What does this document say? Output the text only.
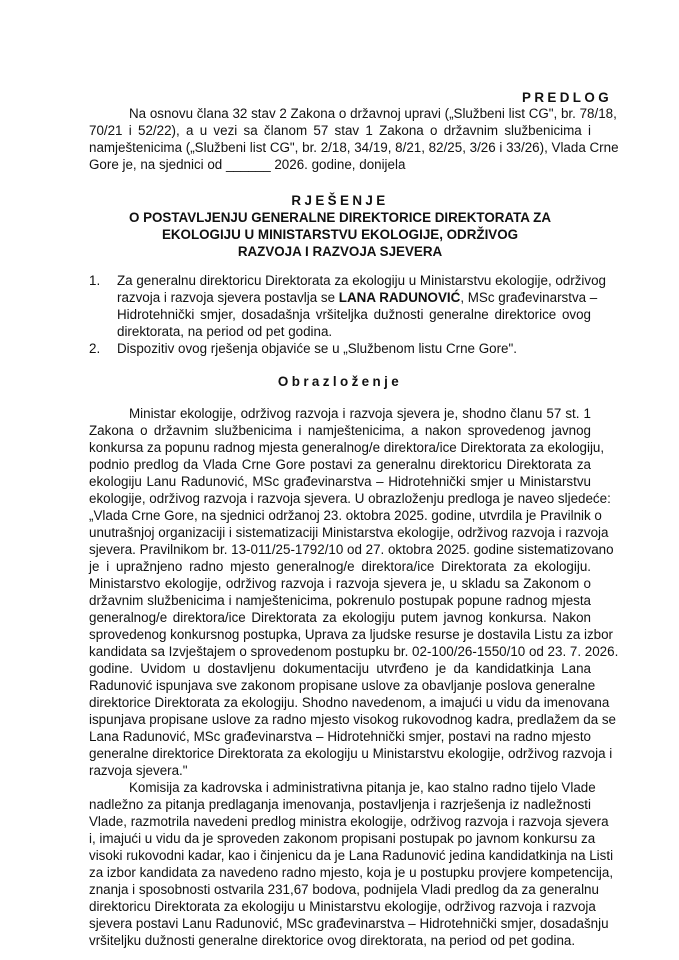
PREDLOG
Na osnovu člana 32 stav 2 Zakona o državnoj upravi („Službeni list CG", br. 78/18,
70/21 i 52/22), a u vezi sa članom 57 stav 1 Zakona o državnim službenicima i
namještenicima („Službeni list CG", br. 2/18, 34/19, 8/21, 82/25, 3/26 i 33/26), Vlada Crne
Gore je, na sjednici od ______ 2026. godine, donijela
RJEŠENJE
O POSTAVLJENJU GENERALNE DIREKTORICE DIREKTORATA ZA
EKOLOGIJU U MINISTARSTVU EKOLOGIJE, ODRŽIVOG
RAZVOJA I RAZVOJA SJEVERA
1. Za generalnu direktoricu Direktorata za ekologiju u Ministarstvu ekologije, održivog
razvoja i razvoja sjevera postavlja se LANA RADUNOVIĆ, MSc građevinarstva –
Hidrotehnički smjer, dosadašnja vršiteljka dužnosti generalne direktorice ovog
direktorata, na period od pet godina.
2. Dispozitiv ovog rješenja objaviće se u „Službenom listu Crne Gore".
Obrazloženje
Ministar ekologije, održivog razvoja i razvoja sjevera je, shodno članu 57 st. 1
Zakona o državnim službenicima i namještenicima, a nakon sprovedenog javnog
konkursa za popunu radnog mjesta generalnog/e direktora/ice Direktorata za ekologiju,
podnio predlog da Vlada Crne Gore postavi za generalnu direktoricu Direktorata za
ekologiju Lanu Radunović, MSc građevinarstva – Hidrotehnički smjer u Ministarstvu
ekologije, održivog razvoja i razvoja sjevera. U obrazloženju predloga je naveo sljedeće:
„Vlada Crne Gore, na sjednici održanoj 23. oktobra 2025. godine, utvrdila je Pravilnik o
unutrašnjoj organizaciji i sistematizaciji Ministarstva ekologije, održivog razvoja i razvoja
sjevera. Pravilnikom br. 13-011/25-1792/10 od 27. oktobra 2025. godine sistematizovano
je i upražnjeno radno mjesto generalnog/e direktora/ice Direktorata za ekologiju.
Ministarstvo ekologije, održivog razvoja i razvoja sjevera je, u skladu sa Zakonom o
državnim službenicima i namještenicima, pokrenulo postupak popune radnog mjesta
generalnog/e direktora/ice Direktorata za ekologiju putem javnog konkursa. Nakon
sprovedenog konkursnog postupka, Uprava za ljudske resurse je dostavila Listu za izbor
kandidata sa Izvještajem o sprovedenom postupku br. 02-100/26-1550/10 od 23. 7. 2026.
godine. Uvidom u dostavljenu dokumentaciju utvrđeno je da kandidatkinja Lana
Radunović ispunjava sve zakonom propisane uslove za obavljanje poslova generalne
direktorice Direktorata za ekologiju. Shodno navedenom, a imajući u vidu da imenovana
ispunjava propisane uslove za radno mjesto visokog rukovodnog kadra, predlažem da se
Lana Radunović, MSc građevinarstva – Hidrotehnički smjer, postavi na radno mjesto
generalne direktorice Direktorata za ekologiju u Ministarstvu ekologije, održivog razvoja i
razvoja sjevera."
Komisija za kadrovska i administrativna pitanja je, kao stalno radno tijelo Vlade
nadležno za pitanja predlaganja imenovanja, postavljenja i razrješenja iz nadležnosti
Vlade, razmotrila navedeni predlog ministra ekologije, održivog razvoja i razvoja sjevera
i, imajući u vidu da je sproveden zakonom propisani postupak po javnom konkursu za
visoki rukovodni kadar, kao i činjenicu da je Lana Radunović jedina kandidatkinja na Listi
za izbor kandidata za navedeno radno mjesto, koja je u postupku provjere kompetencija,
znanja i sposobnosti ostvarila 231,67 bodova, podnijela Vladi predlog da za generalnu
direktoricu Direktorata za ekologiju u Ministarstvu ekologije, održivog razvoja i razvoja
sjevera postavi Lanu Radunović, MSc građevinarstva – Hidrotehnički smjer, dosadašnju
vršiteljku dužnosti generalne direktorice ovog direktorata, na period od pet godina.
